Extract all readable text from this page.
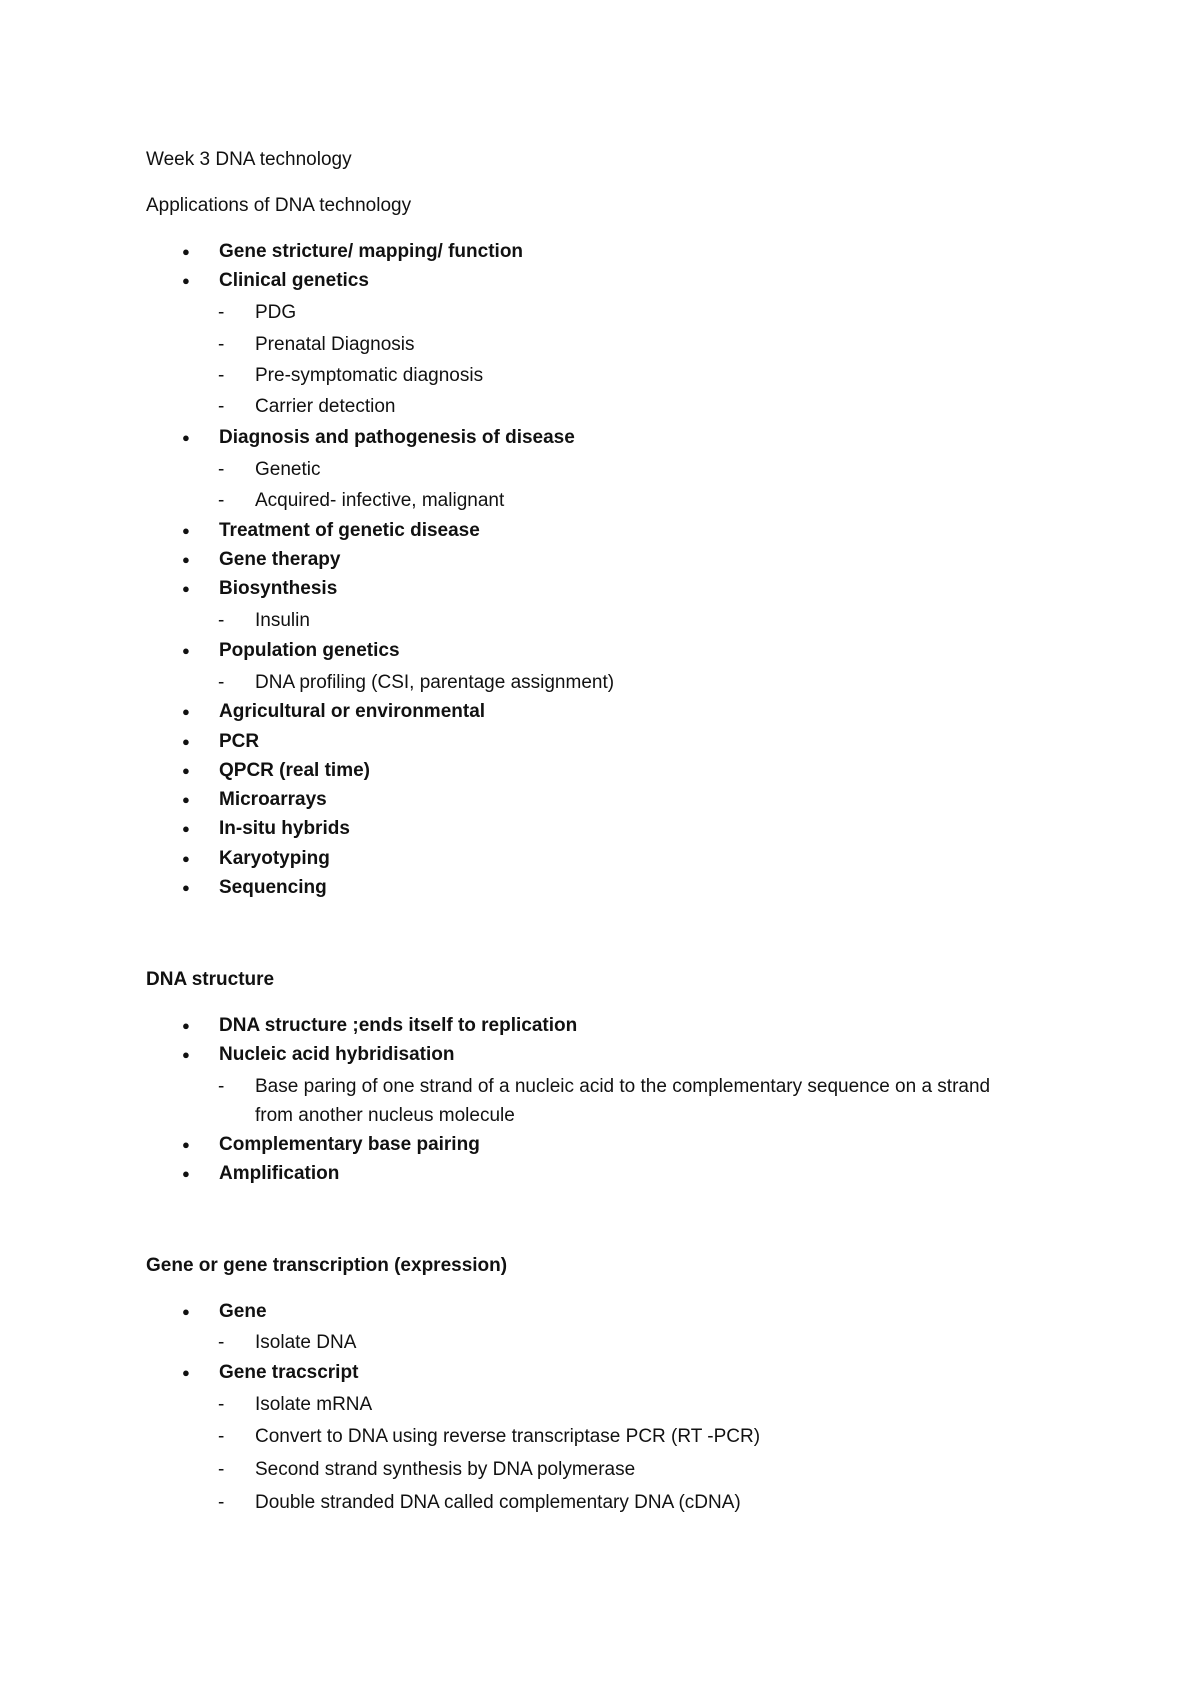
Week 3 DNA technology
Applications of DNA technology
● Gene stricture/ mapping/ function
● Clinical genetics
- PDG
- Prenatal Diagnosis
- Pre-symptomatic diagnosis
- Carrier detection
● Diagnosis and pathogenesis of disease
- Genetic
- Acquired- infective, malignant
● Treatment of genetic disease
● Gene therapy
● Biosynthesis
- Insulin
● Population genetics
- DNA profiling (CSI, parentage assignment)
● Agricultural or environmental
● PCR
● QPCR (real time)
● Microarrays
● In-situ hybrids
● Karyotyping
● Sequencing
DNA structure
● DNA structure ;ends itself to replication
● Nucleic acid hybridisation
- Base paring of one strand of a nucleic acid to the complementary sequence on a strand
from another nucleus molecule
● Complementary base pairing
● Amplification
Gene or gene transcription (expression)
● Gene
- Isolate DNA
● Gene tracscript
- Isolate mRNA
- Convert to DNA using reverse transcriptase PCR (RT -PCR)
- Second strand synthesis by DNA polymerase
- Double stranded DNA called complementary DNA (cDNA)
